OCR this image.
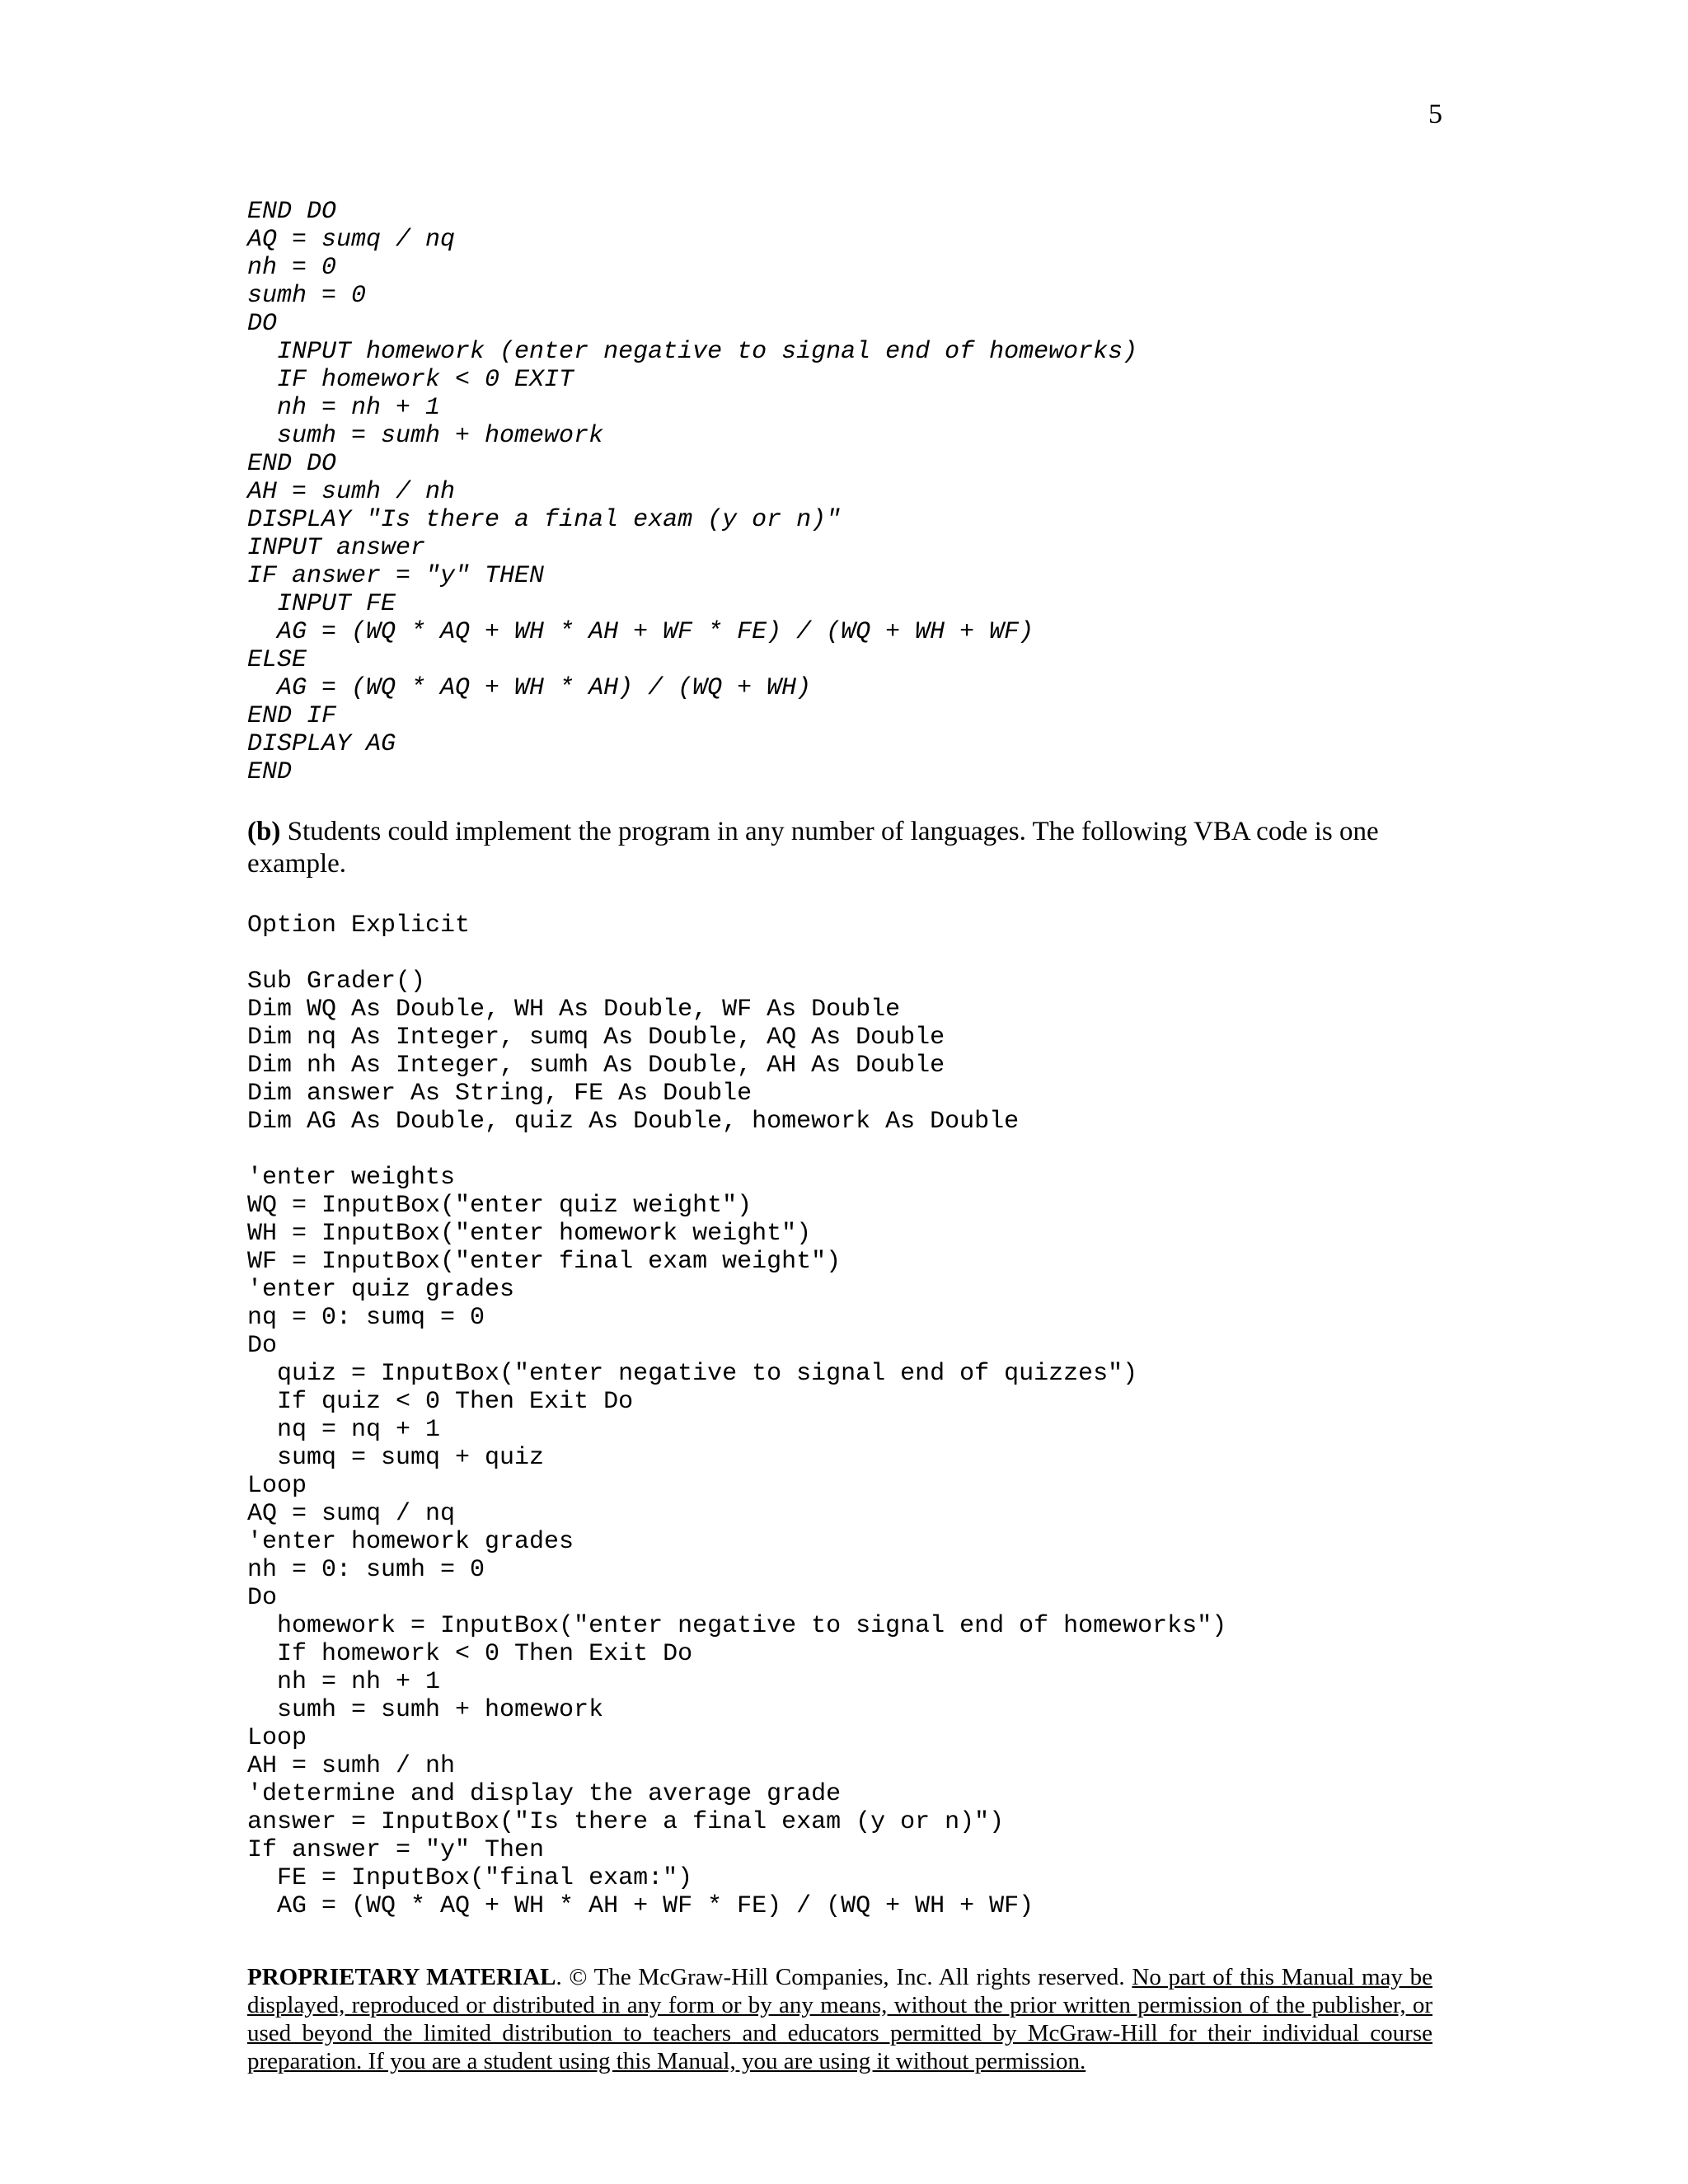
5
END DO
AQ = sumq / nq
nh = 0
sumh = 0
DO
INPUT homework (enter negative to signal end of homeworks)
IF homework < 0 EXIT
nh = nh + 1
sumh = sumh + homework
END DO
AH = sumh / nh
DISPLAY "Is there a final exam (y or n)"
INPUT answer
IF answer = "y" THEN
INPUT FE
AG = (WQ * AQ + WH * AH + WF * FE) / (WQ + WH + WF)
ELSE
AG = (WQ * AQ + WH * AH) / (WQ + WH)
END IF
DISPLAY AG
END
(b) Students could implement the program in any number of languages. The following VBA code is one example.
Option Explicit
Sub Grader()
Dim WQ As Double, WH As Double, WF As Double
Dim nq As Integer, sumq As Double, AQ As Double
Dim nh As Integer, sumh As Double, AH As Double
Dim answer As String, FE As Double
Dim AG As Double, quiz As Double, homework As Double
'enter weights
WQ = InputBox("enter quiz weight")
WH = InputBox("enter homework weight")
WF = InputBox("enter final exam weight")
'enter quiz grades
nq = 0: sumq = 0
Do
quiz = InputBox("enter negative to signal end of quizzes")
If quiz < 0 Then Exit Do
nq = nq + 1
sumq = sumq + quiz
Loop
AQ = sumq / nq
'enter homework grades
nh = 0: sumh = 0
Do
homework = InputBox("enter negative to signal end of homeworks")
If homework < 0 Then Exit Do
nh = nh + 1
sumh = sumh + homework
Loop
AH = sumh / nh
'determine and display the average grade
answer = InputBox("Is there a final exam (y or n)")
If answer = "y" Then
FE = InputBox("final exam:")
AG = (WQ * AQ + WH * AH + WF * FE) / (WQ + WH + WF)
PROPRIETARY MATERIAL. © The McGraw-Hill Companies, Inc. All rights reserved. No part of this Manual may be displayed, reproduced or distributed in any form or by any means, without the prior written permission of the publisher, or used beyond the limited distribution to teachers and educators permitted by McGraw-Hill for their individual course preparation. If you are a student using this Manual, you are using it without permission.
